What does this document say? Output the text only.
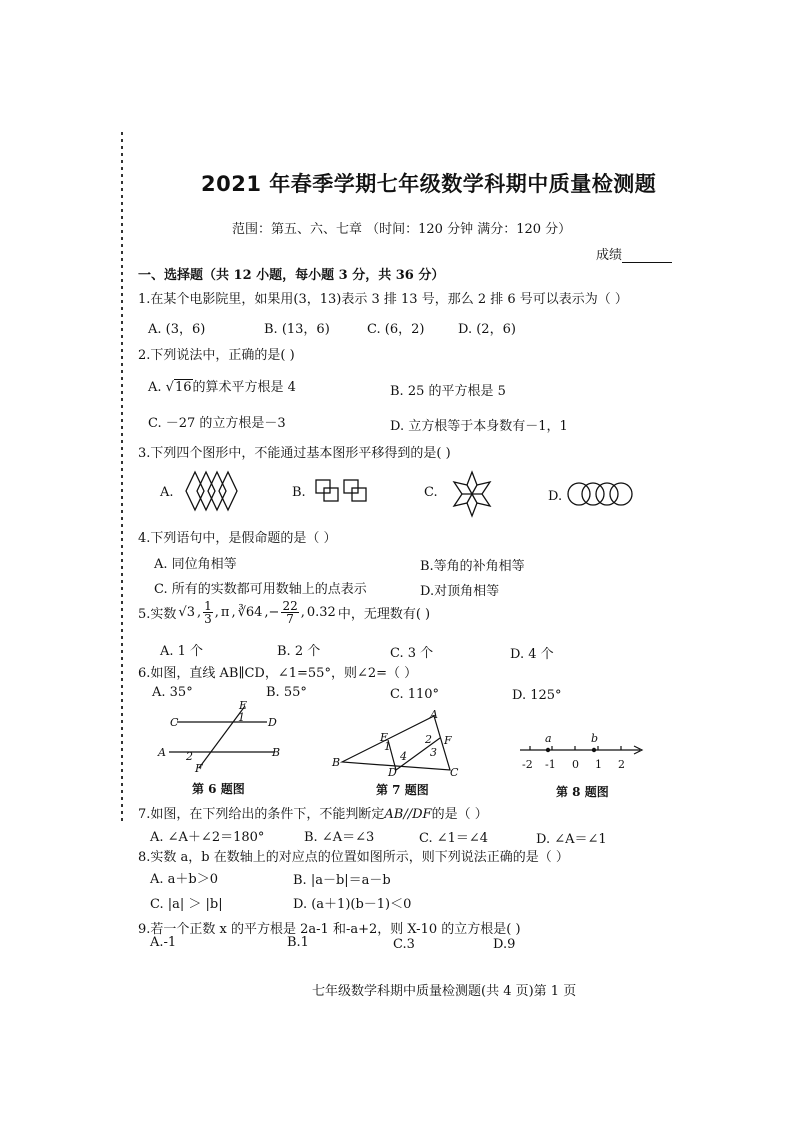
2021 年春季学期七年级数学科期中质量检测题
范围：第五、六、七章 （时间：120 分钟 满分：120 分）
成绩
一、选择题（共 12 小题，每小题 3 分，共 36 分）
1.在某个电影院里，如果用(3，13)表示 3 排 13 号，那么 2 排 6 号可以表示为（ ）
A. (3，6)	B. (13，6)	C. (6，2)	D. (2，6)
2.下列说法中，正确的是( )
A. √16的算术平方根是 4	B. 25 的平方根是 5
C. －27 的立方根是－3	D. 立方根等于本身数有－1，1
3.下列四个图形中，不能通过基本图形平移得到的是( )
A.	B.	C.	D.
4.下列语句中，是假命题的是（ ）
A. 同位角相等	B.等角的补角相等
C. 所有的实数都可用数轴上的点表示	D.对顶角相等
5.实数 √3 , $\frac{1}{3}$ , π , ∛64 ,− $\frac{22}{7}$ , 0.32 中，无理数有( )
A. 1 个	B. 2 个	C. 3 个	D. 4 个
6.如图，直线 AB∥CD，∠1=55°，则∠2=（ ）
A. 35°	B. 55°	C. 110°	D. 125°
C
E
1 D
A 2	B
F
第 6 题图
A
E	2 F
1
4 3
B
D	C
第 7 题图
a	b
-2 -1 0 1 2
第 8 题图
7.如图，在下列给出的条件下，不能判断定AB//DF的是（ ）
A. ∠A＋∠2＝180°	B. ∠A＝∠3	C. ∠1＝∠4	D. ∠A＝∠1
8.实数 a，b 在数轴上的对应点的位置如图所示，则下列说法正确的是（ ）
A. a＋b＞0	B. |a－b|＝a－b
C. |a| ＞ |b|	D. (a＋1)(b－1)＜0
9.若一个正数 x 的平方根是 2a-1 和-a+2，则 X-10 的立方根是( )
A.-1	B.1	C.3	D.9
七年级数学科期中质量检测题(共 4 页)第 1 页
